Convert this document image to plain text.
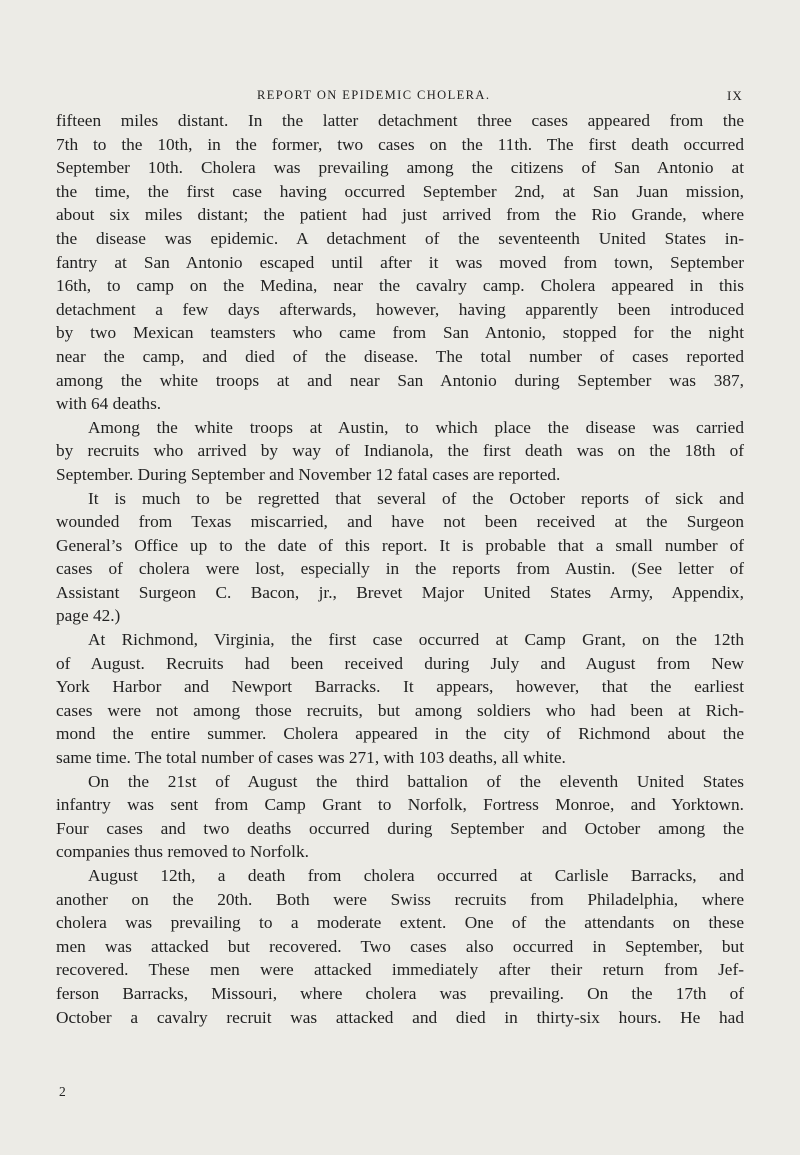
REPORT ON EPIDEMIC CHOLERA.	IX
fifteen miles distant. In the latter detachment three cases appeared from the
7th to the 10th, in the former, two cases on the 11th. The first death occurred
September 10th. Cholera was prevailing among the citizens of San Antonio at
the time, the first case having occurred September 2nd, at San Juan mission,
about six miles distant; the patient had just arrived from the Rio Grande, where
the disease was epidemic. A detachment of the seventeenth United States in-
fantry at San Antonio escaped until after it was moved from town, September
16th, to camp on the Medina, near the cavalry camp. Cholera appeared in this
detachment a few days afterwards, however, having apparently been introduced
by two Mexican teamsters who came from San Antonio, stopped for the night
near the camp, and died of the disease. The total number of cases reported
among the white troops at and near San Antonio during September was 387,
with 64 deaths.
Among the white troops at Austin, to which place the disease was carried
by recruits who arrived by way of Indianola, the first death was on the 18th of
September. During September and November 12 fatal cases are reported.
It is much to be regretted that several of the October reports of sick and
wounded from Texas miscarried, and have not been received at the Surgeon
General’s Office up to the date of this report. It is probable that a small number of
cases of cholera were lost, especially in the reports from Austin. (See letter of
Assistant Surgeon C. Bacon, jr., Brevet Major United States Army, Appendix,
page 42.)
At Richmond, Virginia, the first case occurred at Camp Grant, on the 12th
of August. Recruits had been received during July and August from New
York Harbor and Newport Barracks. It appears, however, that the earliest
cases were not among those recruits, but among soldiers who had been at Rich-
mond the entire summer. Cholera appeared in the city of Richmond about the
same time. The total number of cases was 271, with 103 deaths, all white.
On the 21st of August the third battalion of the eleventh United States
infantry was sent from Camp Grant to Norfolk, Fortress Monroe, and Yorktown.
Four cases and two deaths occurred during September and October among the
companies thus removed to Norfolk.
August 12th, a death from cholera occurred at Carlisle Barracks, and
another on the 20th. Both were Swiss recruits from Philadelphia, where
cholera was prevailing to a moderate extent. One of the attendants on these
men was attacked but recovered. Two cases also occurred in September, but
recovered. These men were attacked immediately after their return from Jef-
ferson Barracks, Missouri, where cholera was prevailing. On the 17th of
October a cavalry recruit was attacked and died in thirty-six hours. He had
2
